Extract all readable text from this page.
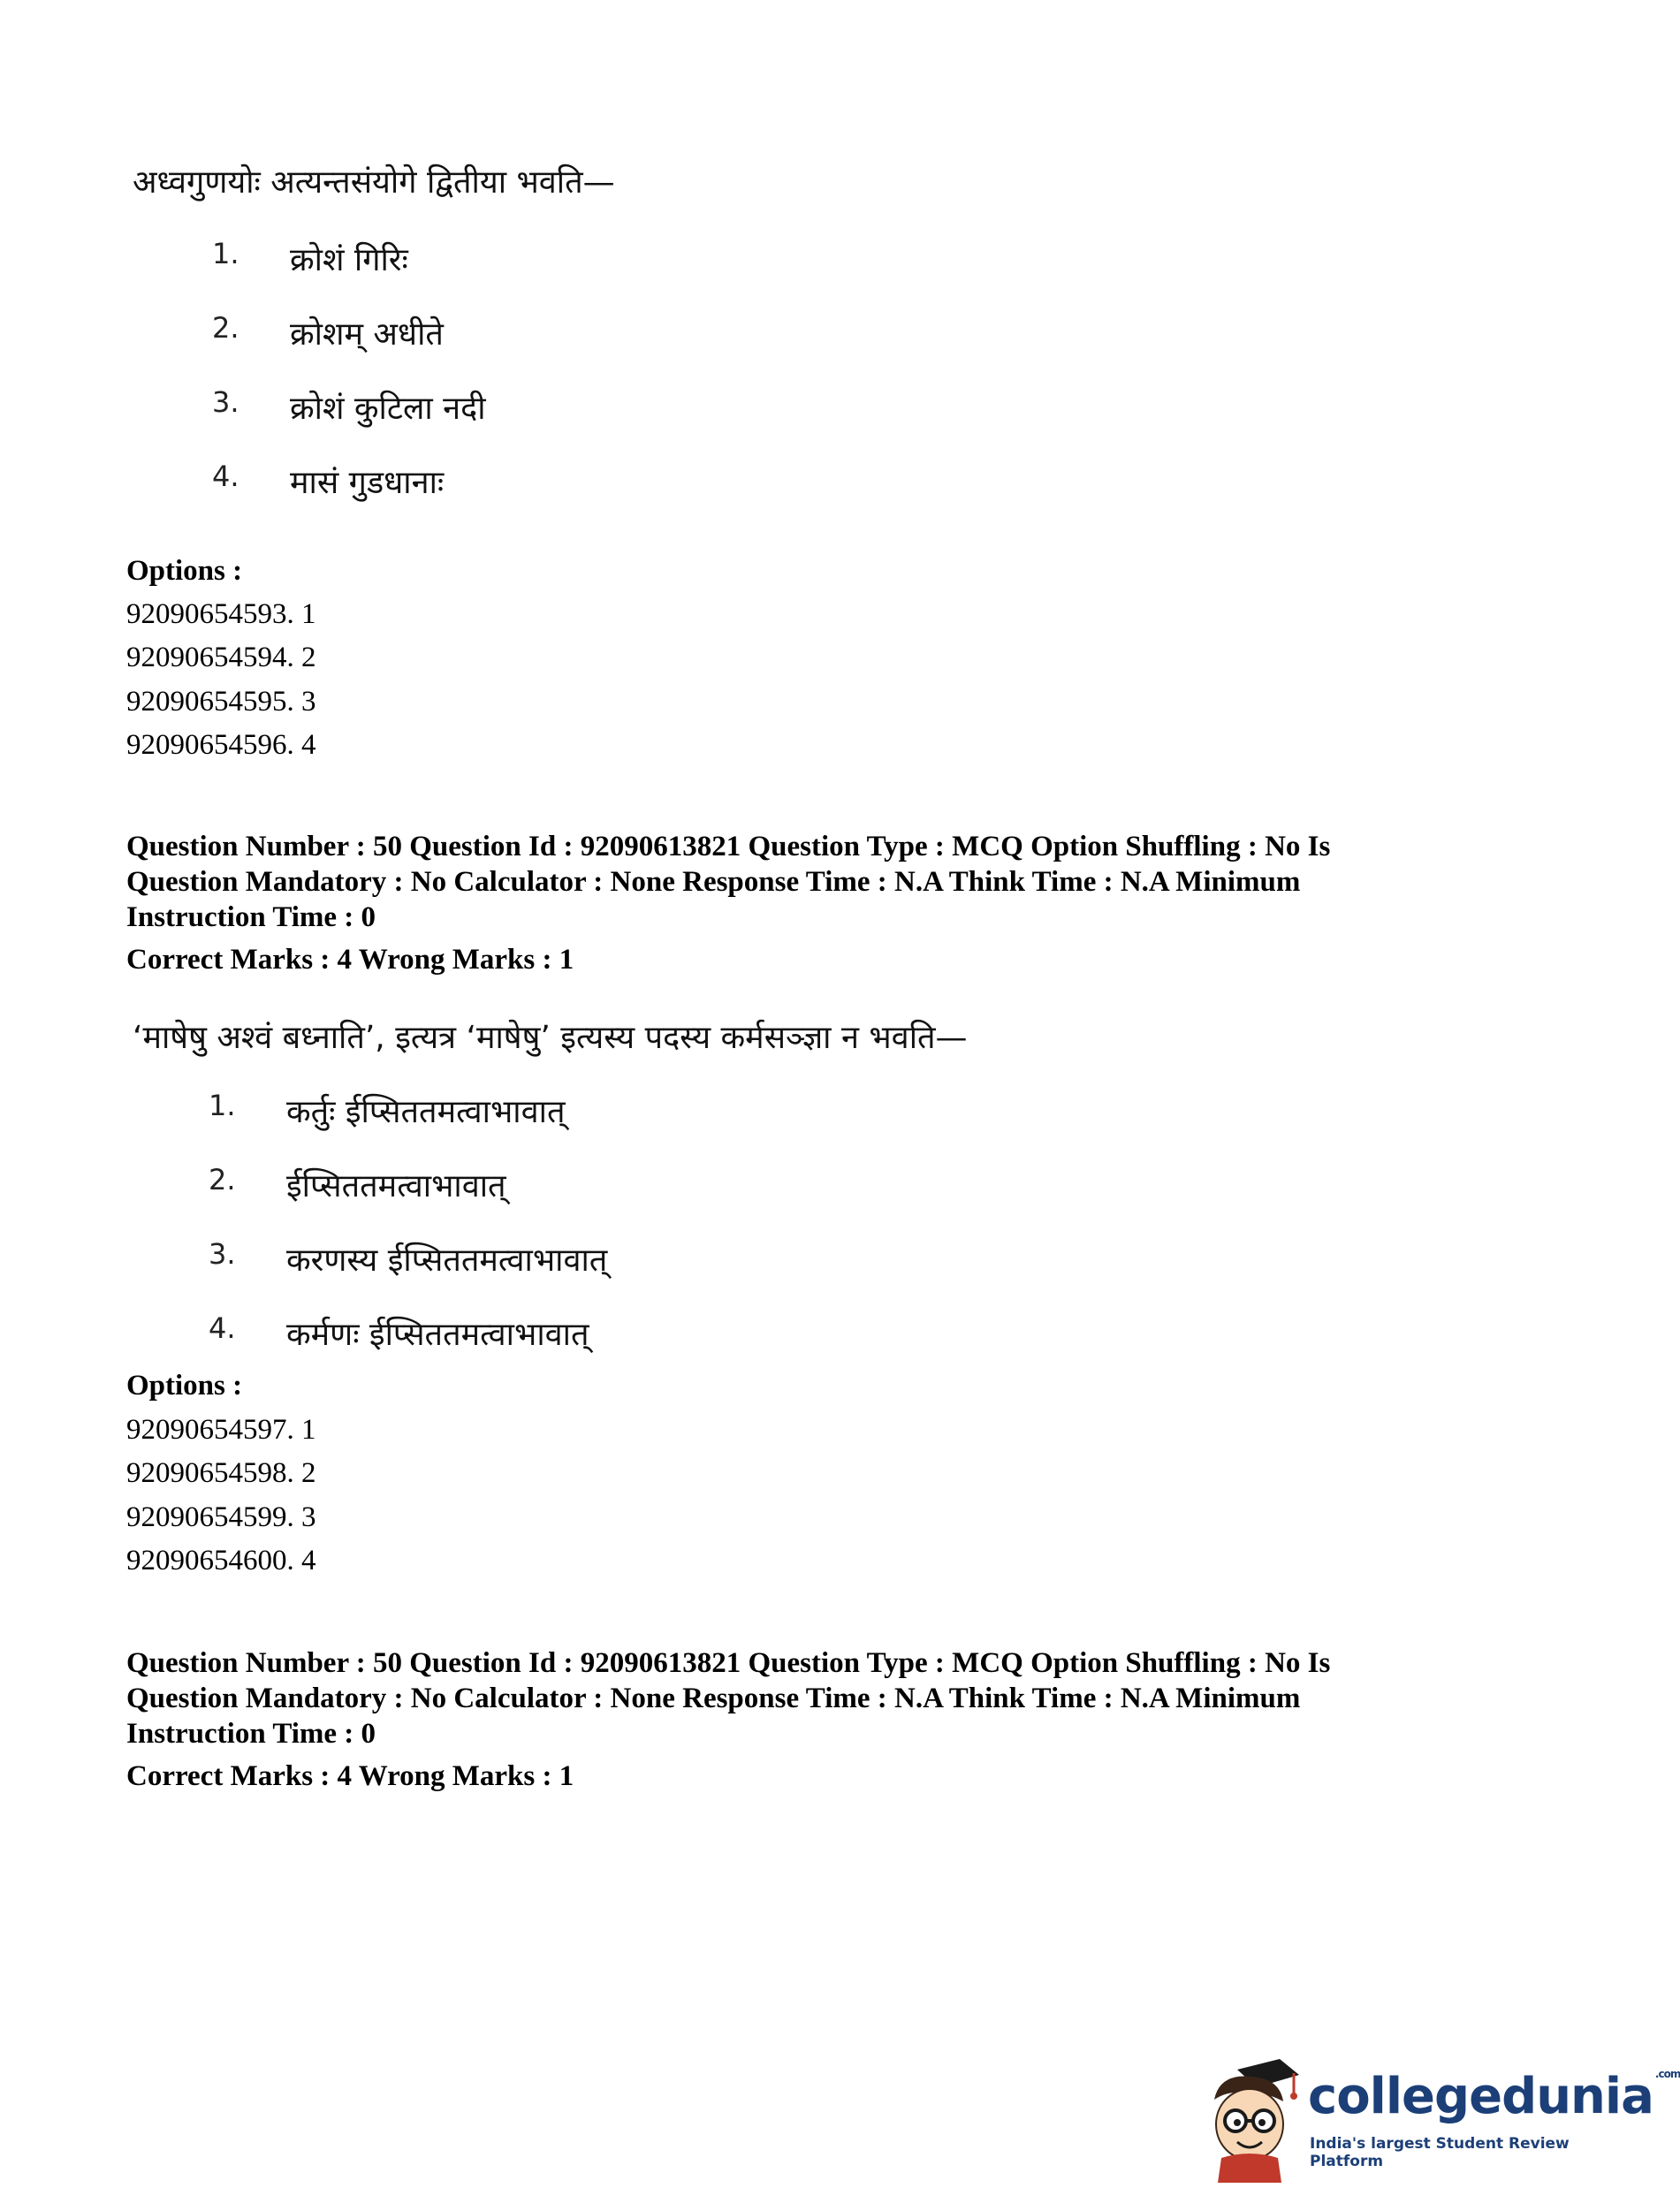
अध्वगुणयोः अत्यन्तसंयोगे द्वितीया भवति—
1. क्रोशं गिरिः
2. क्रोशम् अधीते
3. क्रोशं कुटिला नदी
4. मासं गुडधानाः
Options :
92090654593. 1
92090654594. 2
92090654595. 3
92090654596. 4
Question Number : 50 Question Id : 92090613821 Question Type : MCQ Option Shuffling : No Is
Question Mandatory : No Calculator : None Response Time : N.A Think Time : N.A Minimum
Instruction Time : 0
Correct Marks : 4 Wrong Marks : 1
‘माषेषु अश्वं बध्नाति’, इत्यत्र ‘माषेषु’ इत्यस्य पदस्य कर्मसञ्ज्ञा न भवति—
1. कर्तुः ईप्सिततमत्वाभावात्
2. ईप्सिततमत्वाभावात्
3. करणस्य ईप्सिततमत्वाभावात्
4. कर्मणः ईप्सिततमत्वाभावात्
Options :
92090654597. 1
92090654598. 2
92090654599. 3
92090654600. 4
Question Number : 50 Question Id : 92090613821 Question Type : MCQ Option Shuffling : No Is
Question Mandatory : No Calculator : None Response Time : N.A Think Time : N.A Minimum
Instruction Time : 0
Correct Marks : 4 Wrong Marks : 1
collegedunia $^{.com}$
India's largest Student Review Platform
